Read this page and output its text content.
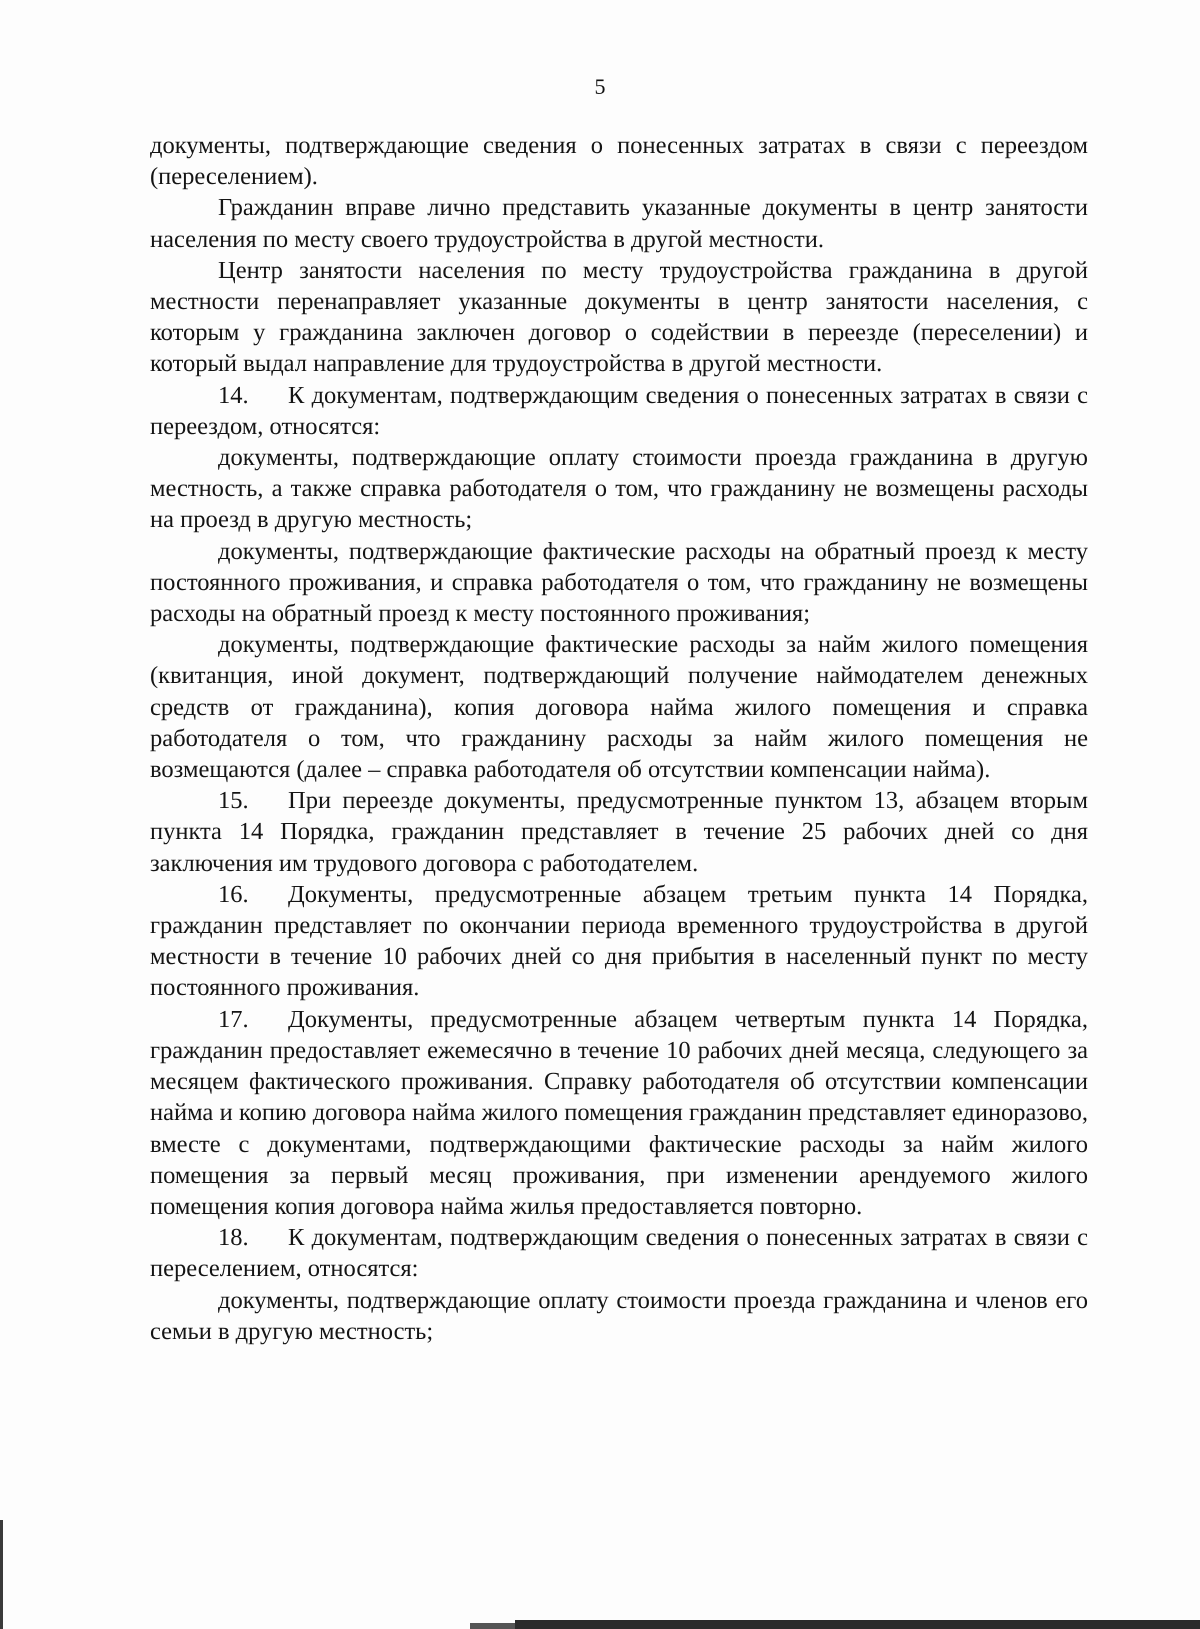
5

документы, подтверждающие сведения о понесенных затратах в связи с переездом (переселением).

Гражданин вправе лично представить указанные документы в центр занятости населения по месту своего трудоустройства в другой местности.

Центр занятости населения по месту трудоустройства гражданина в другой местности перенаправляет указанные документы в центр занятости населения, с которым у гражданина заключен договор о содействии в переезде (переселении) и который выдал направление для трудоустройства в другой местности.

14. К документам, подтверждающим сведения о понесенных затратах в связи с переездом, относятся:

документы, подтверждающие оплату стоимости проезда гражданина в другую местность, а также справка работодателя о том, что гражданину не возмещены расходы на проезд в другую местность;

документы, подтверждающие фактические расходы на обратный проезд к месту постоянного проживания, и справка работодателя о том, что гражданину не возмещены расходы на обратный проезд к месту постоянного проживания;

документы, подтверждающие фактические расходы за найм жилого помещения (квитанция, иной документ, подтверждающий получение наймодателем денежных средств от гражданина), копия договора найма жилого помещения и справка работодателя о том, что гражданину расходы за найм жилого помещения не возмещаются (далее – справка работодателя об отсутствии компенсации найма).

15. При переезде документы, предусмотренные пунктом 13, абзацем вторым пункта 14 Порядка, гражданин представляет в течение 25 рабочих дней со дня заключения им трудового договора с работодателем.

16. Документы, предусмотренные абзацем третьим пункта 14 Порядка, гражданин представляет по окончании периода временного трудоустройства в другой местности в течение 10 рабочих дней со дня прибытия в населенный пункт по месту постоянного проживания.

17. Документы, предусмотренные абзацем четвертым пункта 14 Порядка, гражданин предоставляет ежемесячно в течение 10 рабочих дней месяца, следующего за месяцем фактического проживания. Справку работодателя об отсутствии компенсации найма и копию договора найма жилого помещения гражданин представляет единоразово, вместе с документами, подтверждающими фактические расходы за найм жилого помещения за первый месяц проживания, при изменении арендуемого жилого помещения копия договора найма жилья предоставляется повторно.

18. К документам, подтверждающим сведения о понесенных затратах в связи с переселением, относятся:

документы, подтверждающие оплату стоимости проезда гражданина и членов его семьи в другую местность;
